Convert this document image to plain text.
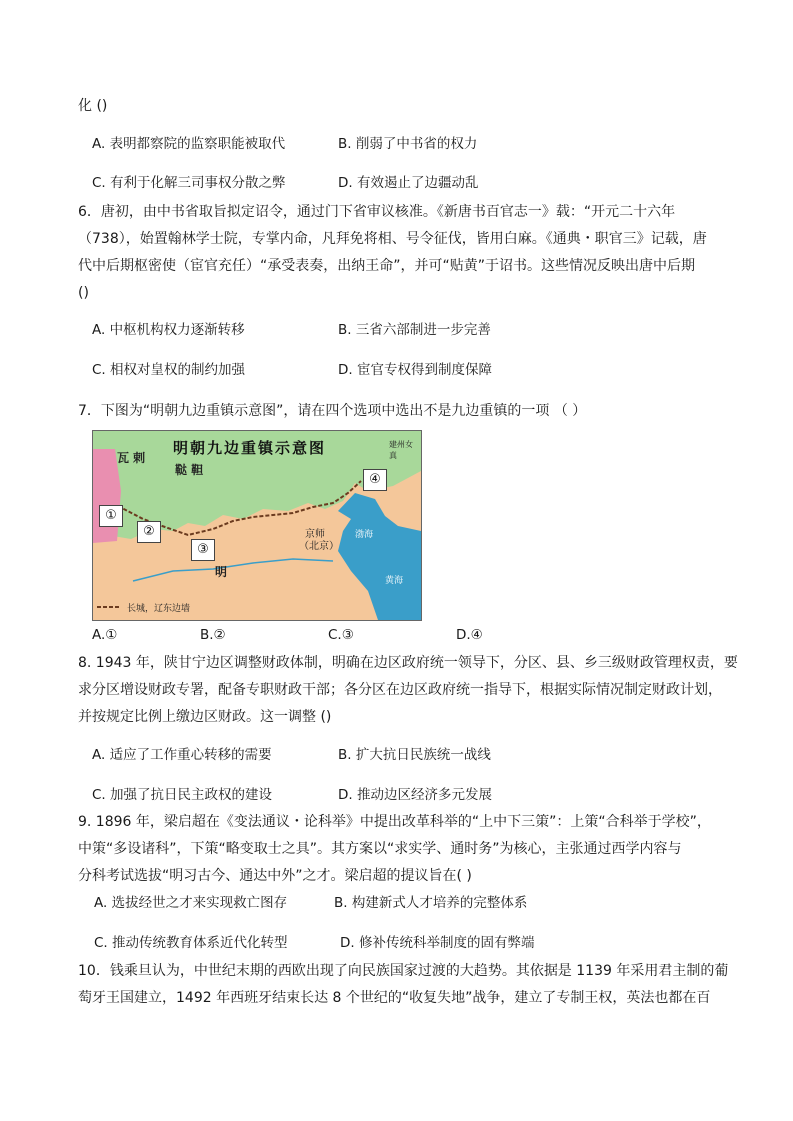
化 ()
A. 表明都察院的监察职能被取代	B. 削弱了中书省的权力
C. 有利于化解三司事权分散之弊	D. 有效遏止了边疆动乱
6．唐初，由中书省取旨拟定诏令，通过门下省审议核准。《新唐书百官志一》载：“开元二十六年
（738），始置翰林学士院，专掌内命，凡拜免将相、号令征伐，皆用白麻。《通典・职官三》记载，唐
代中后期枢密使（宦官充任）“承受表奏，出纳王命”，并可“贴黄”于诏书。这些情况反映出唐中后期
()
A. 中枢机构权力逐渐转移	B. 三省六部制进一步完善
C. 相权对皇权的制约加强	D. 宦官专权得到制度保障
7．下图为“明朝九边重镇示意图”，请在四个选项中选出不是九边重镇的一项 （ ）
明朝九边重镇示意图
瓦 剌
鞑 靼
明
京师
（北京）
建州女真
渤海
黄海
①
②
③
④
长城，辽东边墙
A.①	B.②	C.③	D.④
8. 1943 年，陕甘宁边区调整财政体制，明确在边区政府统一领导下，分区、县、乡三级财政管理权责，要
求分区增设财政专署，配备专职财政干部；各分区在边区政府统一指导下，根据实际情况制定财政计划，
并按规定比例上缴边区财政。这一调整 ()
A. 适应了工作重心转移的需要	B. 扩大抗日民族统一战线
C. 加强了抗日民主政权的建设	D. 推动边区经济多元发展
9. 1896 年，梁启超在《变法通议・论科举》中提出改革科举的“上中下三策”：上策“合科举于学校”，
中策“多设诸科”，下策“略变取士之具”。其方案以“求实学、通时务”为核心，主张通过西学内容与
分科考试选拔“明习古今、通达中外”之才。梁启超的提议旨在( )
A. 选拔经世之才来实现救亡图存	B. 构建新式人才培养的完整体系
C. 推动传统教育体系近代化转型	D. 修补传统科举制度的固有弊端
10．钱乘旦认为，中世纪末期的西欧出现了向民族国家过渡的大趋势。其依据是 1139 年采用君主制的葡
萄牙王国建立，1492 年西班牙结束长达 8 个世纪的“收复失地”战争，建立了专制王权，英法也都在百
